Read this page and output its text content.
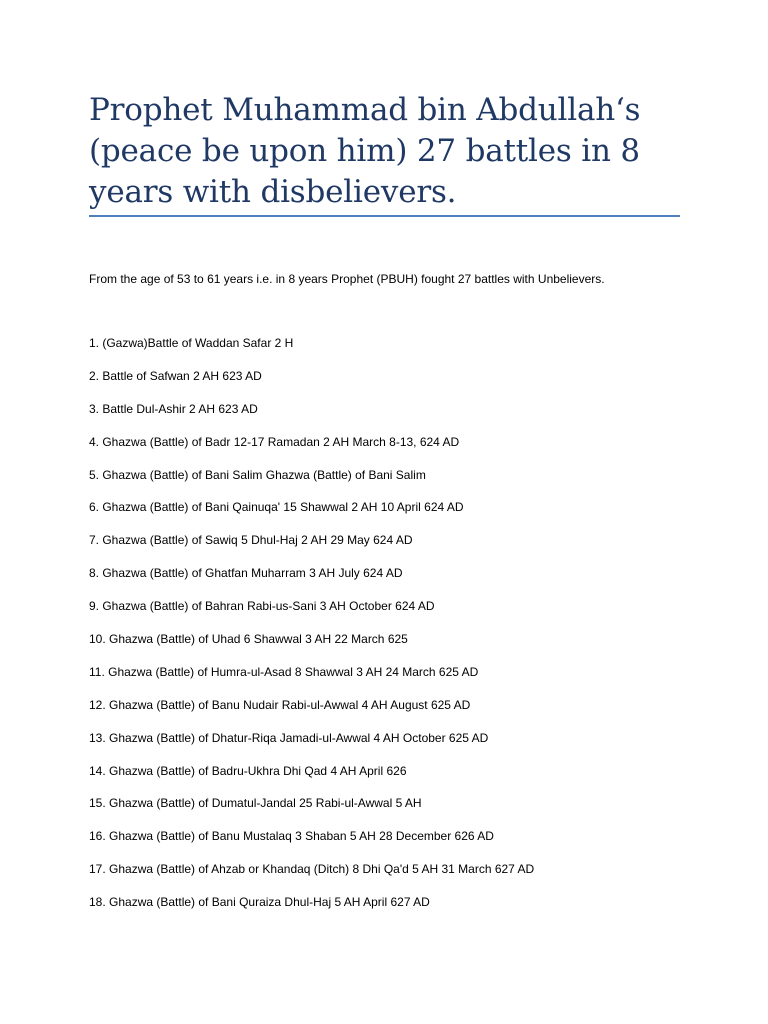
Prophet Muhammad bin Abdullah‘s (peace be upon him) 27 battles in 8 years with disbelievers.

From the age of 53 to 61 years i.e. in 8 years Prophet (PBUH) fought 27 battles with Unbelievers.

1. (Gazwa)Battle of Waddan Safar 2 H
2. Battle of Safwan 2 AH 623 AD
3. Battle Dul-Ashir 2 AH 623 AD
4. Ghazwa (Battle) of Badr 12-17 Ramadan 2 AH March 8-13, 624 AD
5. Ghazwa (Battle) of Bani Salim Ghazwa (Battle) of Bani Salim
6. Ghazwa (Battle) of Bani Qainuqa' 15 Shawwal 2 AH 10 April 624 AD
7. Ghazwa (Battle) of Sawiq 5 Dhul-Haj 2 AH 29 May 624 AD
8. Ghazwa (Battle) of Ghatfan Muharram 3 AH July 624 AD
9. Ghazwa (Battle) of Bahran Rabi-us-Sani 3 AH October 624 AD
10. Ghazwa (Battle) of Uhad 6 Shawwal 3 AH 22 March 625
11. Ghazwa (Battle) of Humra-ul-Asad 8 Shawwal 3 AH 24 March 625 AD
12. Ghazwa (Battle) of Banu Nudair Rabi-ul-Awwal 4 AH August 625 AD
13. Ghazwa (Battle) of Dhatur-Riqa Jamadi-ul-Awwal 4 AH October 625 AD
14. Ghazwa (Battle) of Badru-Ukhra Dhi Qad 4 AH April 626
15. Ghazwa (Battle) of Dumatul-Jandal 25 Rabi-ul-Awwal 5 AH
16. Ghazwa (Battle) of Banu Mustalaq 3 Shaban 5 AH 28 December 626 AD
17. Ghazwa (Battle) of Ahzab or Khandaq (Ditch) 8 Dhi Qa'd 5 AH 31 March 627 AD
18. Ghazwa (Battle) of Bani Quraiza Dhul-Haj 5 AH April 627 AD
